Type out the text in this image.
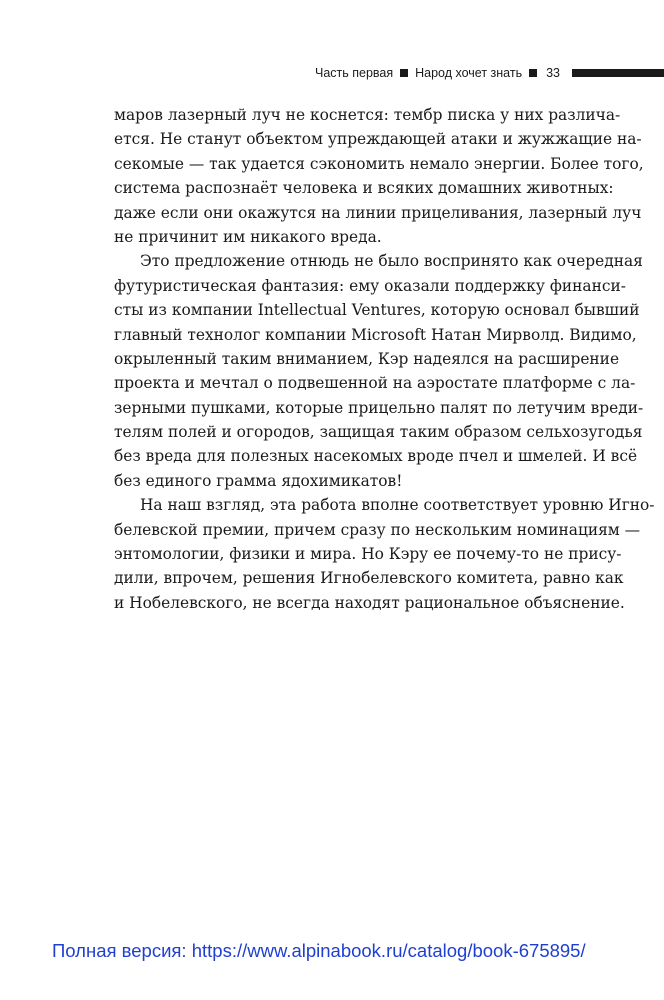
Часть первая Народ хочет знать 33
маров лазерный луч не коснется: тембр писка у них различа-
ется. Не станут объектом упреждающей атаки и жужжащие на-
секомые — так удается сэкономить немало энергии. Более того,
система распознаёт человека и всяких домашних животных:
даже если они окажутся на линии прицеливания, лазерный луч
не причинит им никакого вреда.
Это предложение отнюдь не было воспринято как очередная
футуристическая фантазия: ему оказали поддержку финанси-
сты из компании Intellectual Ventures, которую основал бывший
главный технолог компании Microsoft Натан Мирволд. Видимо,
окрыленный таким вниманием, Кэр надеялся на расширение
проекта и мечтал о подвешенной на аэростате платформе с ла-
зерными пушками, которые прицельно палят по летучим вреди-
телям полей и огородов, защищая таким образом сельхозугодья
без вреда для полезных насекомых вроде пчел и шмелей. И всё
без единого грамма ядохимикатов!
На наш взгляд, эта работа вполне соответствует уровню Игно-
белевской премии, причем сразу по нескольким номинациям —
энтомологии, физики и мира. Но Кэру ее почему-то не прису-
дили, впрочем, решения Игнобелевского комитета, равно как
и Нобелевского, не всегда находят рациональное объяснение.
Полная версия: https://www.alpinabook.ru/catalog/book-675895/
